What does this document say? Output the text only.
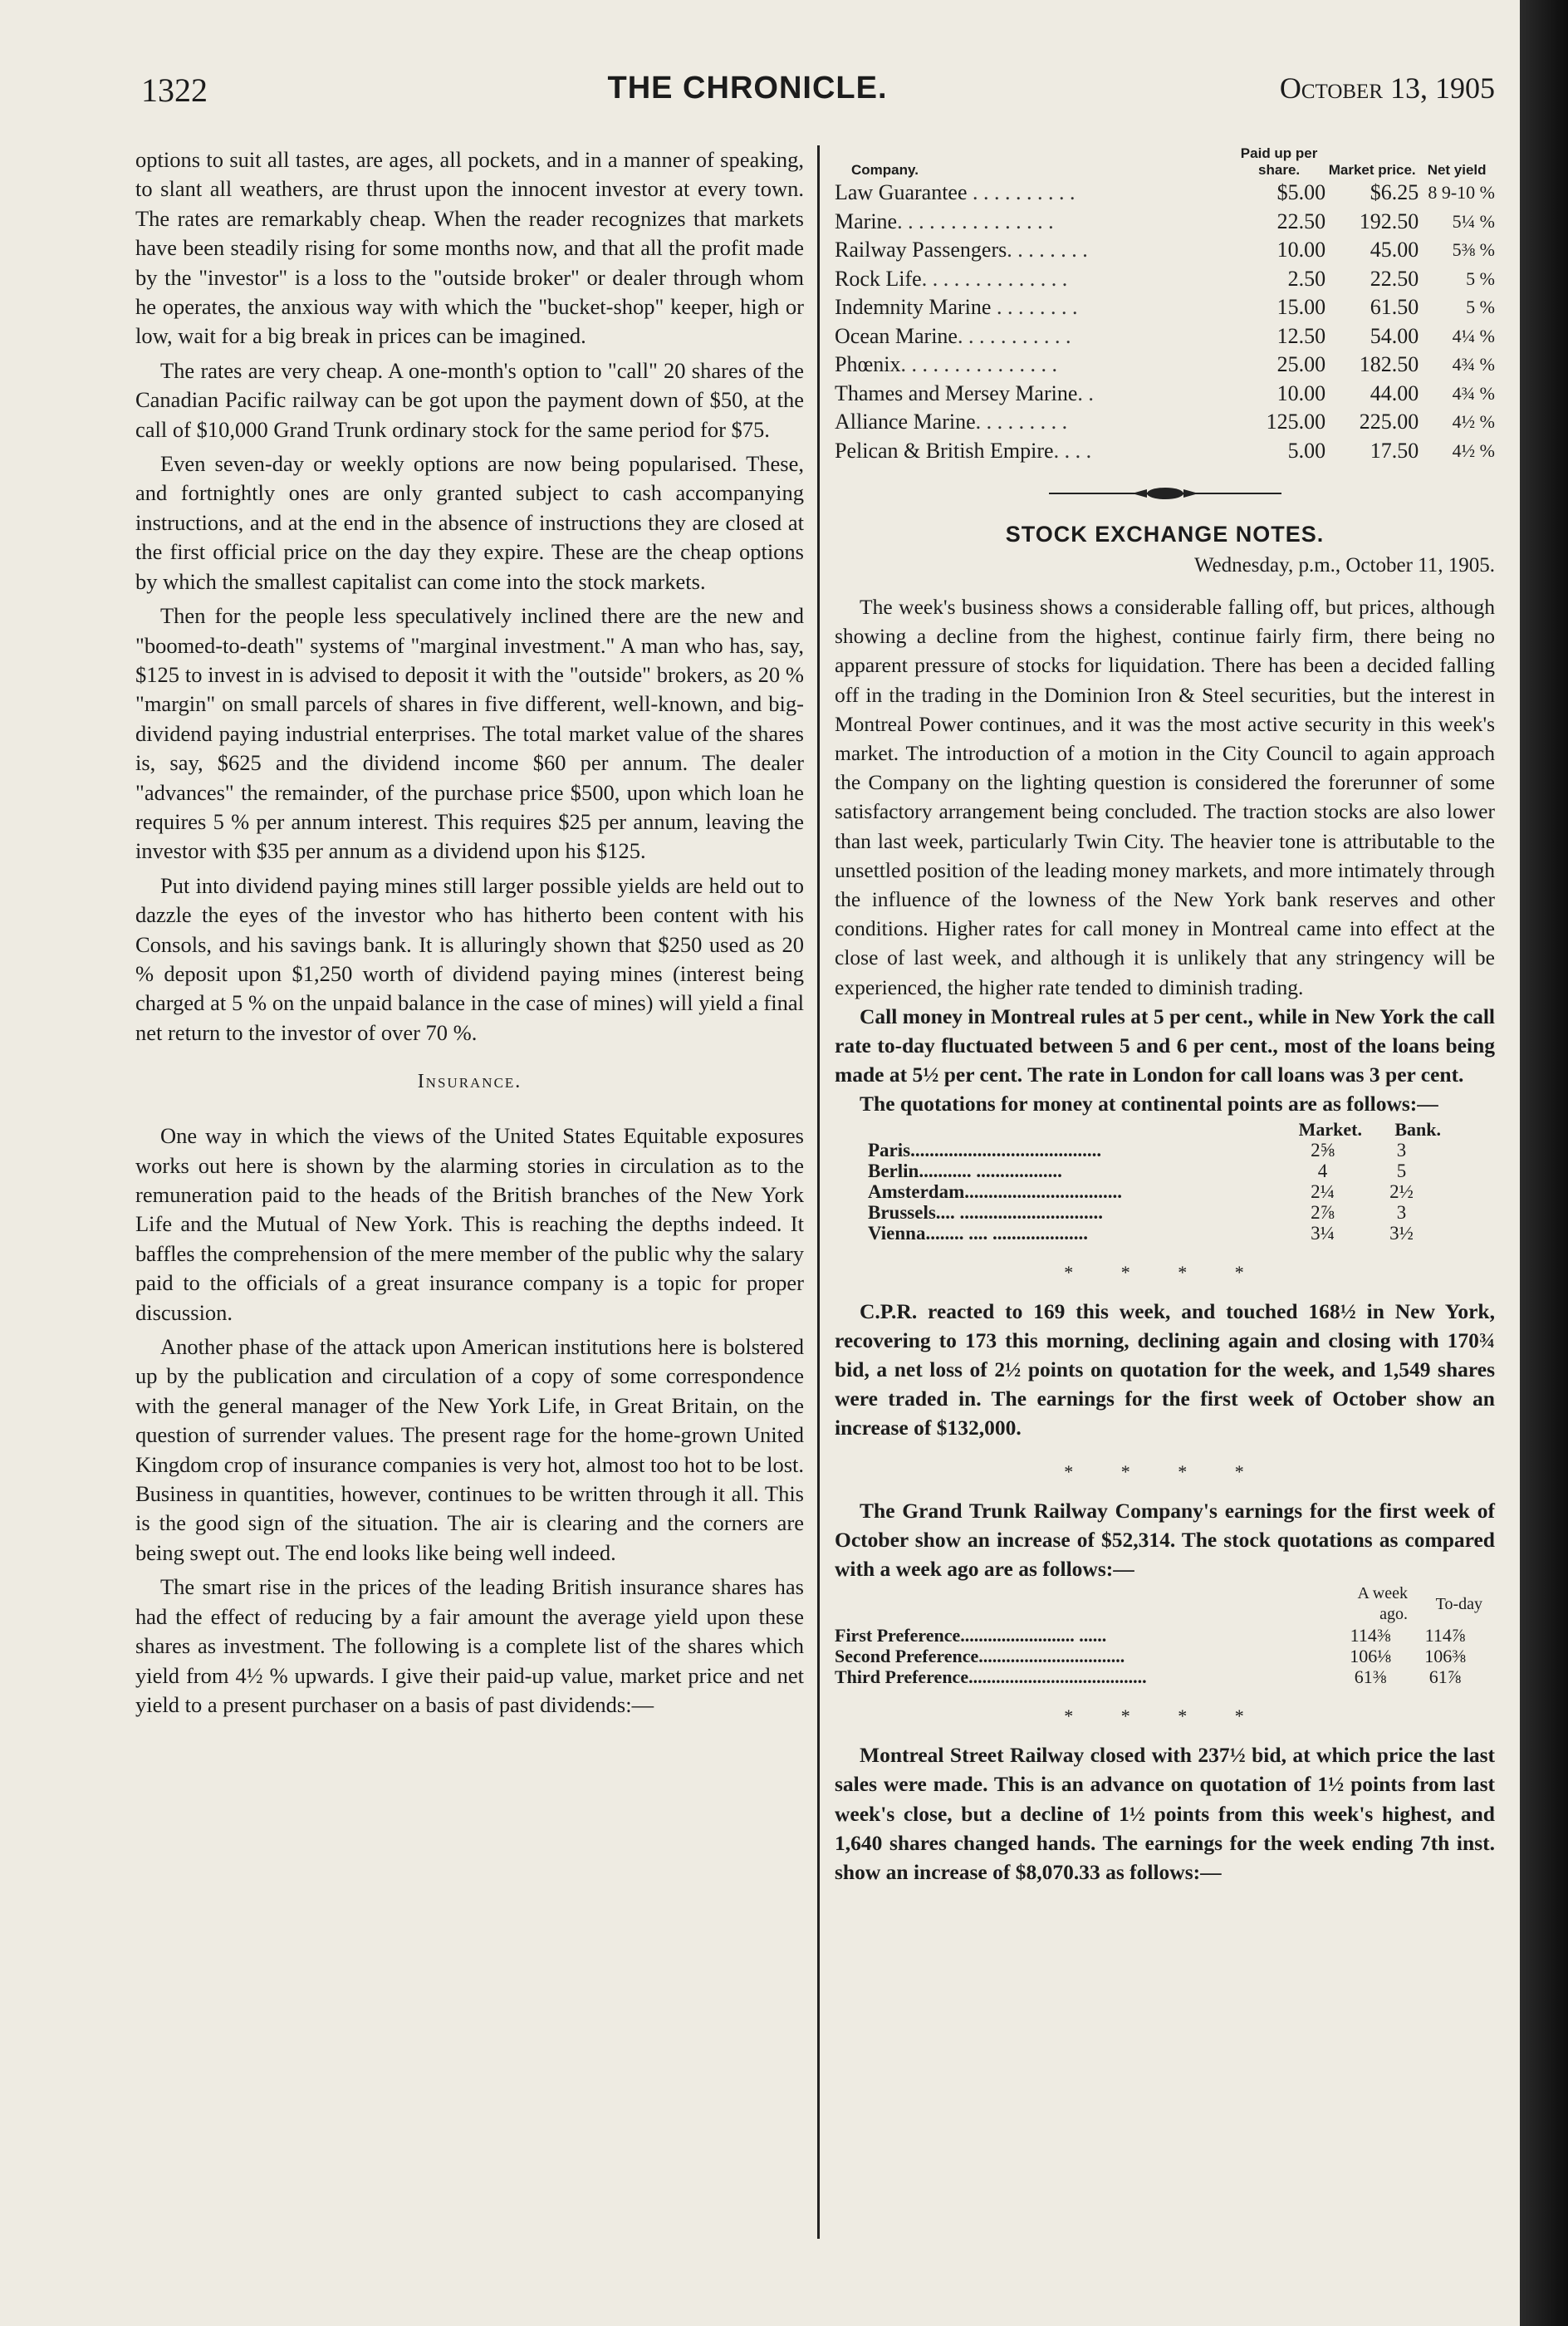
1322	THE CHRONICLE.	October 13, 1905

options to suit all tastes, are ages, all pockets, and in a manner of speaking, to slant all weathers, are thrust upon the innocent investor at every town. The rates are remarkably cheap. When the reader recognizes that markets have been steadily rising for some months now, and that all the profit made by the "investor" is a loss to the "outside broker" or dealer through whom he operates, the anxious way with which the "bucket-shop" keeper, high or low, wait for a big break in prices can be imagined.

The rates are very cheap. A one-month's option to "call" 20 shares of the Canadian Pacific railway can be got upon the payment down of $50, at the call of $10,000 Grand Trunk ordinary stock for the same period for $75.

Even seven-day or weekly options are now being popularised. These, and fortnightly ones are only granted subject to cash accompanying instructions, and at the end in the absence of instructions they are closed at the first official price on the day they expire. These are the cheap options by which the smallest capitalist can come into the stock markets.

Then for the people less speculatively inclined there are the new and "boomed-to-death" systems of "marginal investment." A man who has, say, $125 to invest in is advised to deposit it with the "outside" brokers, as 20 % "margin" on small parcels of shares in five different, well-known, and big-dividend paying industrial enterprises. The total market value of the shares is, say, $625 and the dividend income $60 per annum. The dealer "advances" the remainder, of the purchase price $500, upon which loan he requires 5 % per annum interest. This requires $25 per annum, leaving the investor with $35 per annum as a dividend upon his $125.

Put into dividend paying mines still larger possible yields are held out to dazzle the eyes of the investor who has hitherto been content with his Consols, and his savings bank. It is alluringly shown that $250 used as 20 % deposit upon $1,250 worth of dividend paying mines (interest being charged at 5 % on the unpaid balance in the case of mines) will yield a final net return to the investor of over 70 %.

Insurance.

One way in which the views of the United States Equitable exposures works out here is shown by the alarming stories in circulation as to the remuneration paid to the heads of the British branches of the New York Life and the Mutual of New York. This is reaching the depths indeed. It baffles the comprehension of the mere member of the public why the salary paid to the officials of a great insurance company is a topic for proper discussion.

Another phase of the attack upon American institutions here is bolstered up by the publication and circulation of a copy of some correspondence with the general manager of the New York Life, in Great Britain, on the question of surrender values. The present rage for the home-grown United Kingdom crop of insurance companies is very hot, almost too hot to be lost. Business in quantities, however, continues to be written through it all. This is the good sign of the situation. The air is clearing and the corners are being swept out. The end looks like being well indeed.

The smart rise in the prices of the leading British insurance shares has had the effect of reducing by a fair amount the average yield upon these shares as investment. The following is a complete list of the shares which yield from 4½ % upwards. I give their paid-up value, market price and net yield to a present purchaser on a basis of past dividends:—

Company.	Paid up per share.	Market price.	Net yield
Law Guarantee . . . . . . . . . .	$5.00	$6.25	8 9-10 %
Marine. . . . . . . . . . . . . . .	22.50	192.50	5¼ %
Railway Passengers. . . . . . . .	10.00	45.00	5⅜ %
Rock Life. . . . . . . . . . . . . .	2.50	22.50	5 %
Indemnity Marine . . . . . . . .	15.00	61.50	5 %
Ocean Marine. . . . . . . . . . .	12.50	54.00	4¼ %
Phœnix. . . . . . . . . . . . . . .	25.00	182.50	4¾ %
Thames and Mersey Marine. .	10.00	44.00	4¾ %
Alliance Marine. . . . . . . . .	125.00	225.00	4½ %
Pelican & British Empire. . . .	5.00	17.50	4½ %
STOCK EXCHANGE NOTES.
Wednesday, p.m., October 11, 1905.

The week's business shows a considerable falling off, but prices, although showing a decline from the highest, continue fairly firm, there being no apparent pressure of stocks for liquidation. There has been a decided falling off in the trading in the Dominion Iron & Steel securities, but the interest in Montreal Power continues, and it was the most active security in this week's market. The introduction of a motion in the City Council to again approach the Company on the lighting question is considered the forerunner of some satisfactory arrangement being concluded. The traction stocks are also lower than last week, particularly Twin City. The heavier tone is attributable to the unsettled position of the leading money markets, and more intimately through the influence of the lowness of the New York bank reserves and other conditions. Higher rates for call money in Montreal came into effect at the close of last week, and although it is unlikely that any stringency will be experienced, the higher rate tended to diminish trading.

Call money in Montreal rules at 5 per cent., while in New York the call rate to-day fluctuated between 5 and 6 per cent., most of the loans being made at 5½ per cent. The rate in London for call loans was 3 per cent.

The quotations for money at continental points are as follows:—

	Market.	Bank.
Paris........................................	2⅝	3
Berlin........... ..................	4	5
Amsterdam.................................	2¼	2½
Brussels.... ..............................	2⅞	3
Vienna........ .... ....................	3¼	3½
* * * *

C.P.R. reacted to 169 this week, and touched 168½ in New York, recovering to 173 this morning, declining again and closing with 170¾ bid, a net loss of 2½ points on quotation for the week, and 1,549 shares were traded in. The earnings for the first week of October show an increase of $132,000.

* * * *

The Grand Trunk Railway Company's earnings for the first week of October show an increase of $52,314. The stock quotations as compared with a week ago are as follows:—

	A week ago.	To-day
First Preference......................... ......	114⅜	114⅞
Second Preference................................	106⅛	106⅜
Third Preference.......................................	61⅜	61⅞
* * * *

Montreal Street Railway closed with 237½ bid, at which price the last sales were made. This is an advance on quotation of 1½ points from last week's close, but a decline of 1½ points from this week's highest, and 1,640 shares changed hands. The earnings for the week ending 7th inst. show an increase of $8,070.33 as follows:—
